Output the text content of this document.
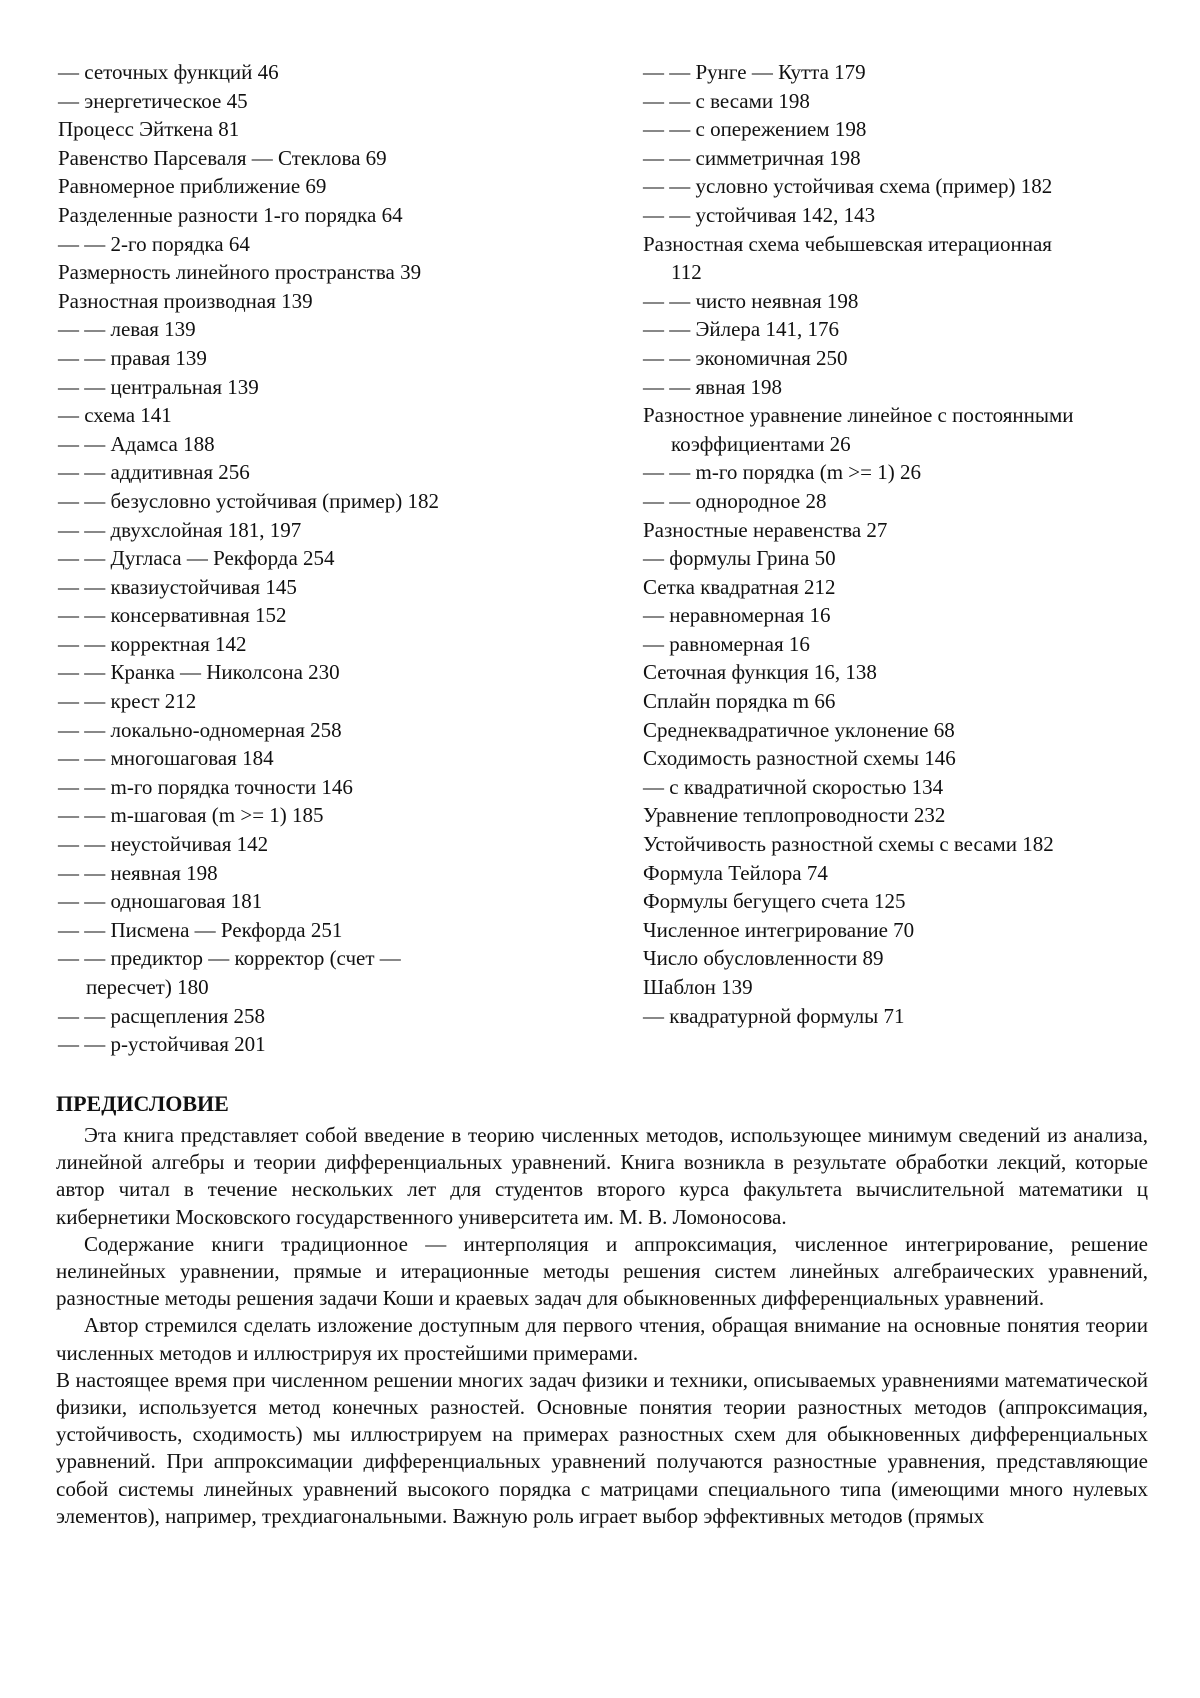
— сеточных функций 46
— энергетическое 45
Процесс Эйткена 81
Равенство Парсеваля — Стеклова 69
Равномерное приближение 69
Разделенные разности 1-го порядка 64
— — 2-го порядка 64
Размерность линейного пространства 39
Разностная производная 139
— — левая 139
— — правая 139
— — центральная 139
— схема 141
— — Адамса 188
— — аддитивная 256
— — безусловно устойчивая (пример) 182
— — двухслойная 181, 197
— — Дугласа — Рекфорда 254
— — квазиустойчивая 145
— — консервативная 152
— — корректная 142
— — Кранка — Николсона 230
— — крест 212
— — локально-одномерная 258
— — многошаговая 184
— — m-го порядка точности 146
— — m-шаговая (m >= 1) 185
— — неустойчивая 142
— — неявная 198
— — одношаговая 181
— — Писмена — Рекфорда 251
— — предиктор — корректор (счет —
пересчет) 180
— — расщепления 258
— — р-устойчивая 201
— — Рунге — Кутта 179
— — с весами 198
— — с опережением 198
— — симметричная 198
— — условно устойчивая схема (пример) 182
— — устойчивая 142, 143
Разностная схема чебышевская итерационная
112
— — чисто неявная 198
— — Эйлера 141, 176
— — экономичная 250
— — явная 198
Разностное уравнение линейное с постоянными
коэффициентами 26
— — m-го порядка (m >= 1) 26
— — однородное 28
Разностные неравенства 27
— формулы Грина 50
Сетка квадратная 212
— неравномерная 16
— равномерная 16
Сеточная функция 16, 138
Сплайн порядка m 66
Среднеквадратичное уклонение 68
Сходимость разностной схемы 146
— с квадратичной скоростью 134
Уравнение теплопроводности 232
Устойчивость разностной схемы с весами 182
Формула Тейлора 74
Формулы бегущего счета 125
Численное интегрирование 70
Число обусловленности 89
Шаблон 139
— квадратурной формулы 71
ПРЕДИСЛОВИЕ

Эта книга представляет собой введение в теорию численных методов, использующее минимум сведений из анализа, линейной алгебры и теории дифференциальных уравнений. Книга возникла в результате обработки лекций, которые автор читал в течение нескольких лет для студентов второго курса факультета вычислительной математики ц кибернетики Московского государственного университета им. М. В. Ломоносова.

Содержание книги традиционное — интерполяция и аппроксимация, численное интегрирование, решение нелинейных уравнении, прямые и итерационные методы решения систем линейных алгебраических уравнений, разностные методы решения задачи Коши и краевых задач для обыкновенных дифференциальных уравнений.

Автор стремился сделать изложение доступным для первого чтения, обращая внимание на основные понятия теории численных методов и иллюстрируя их простейшими примерами.

В настоящее время при численном решении многих задач физики и техники, описываемых уравнениями математической физики, используется метод конечных разностей. Основные понятия теории разностных методов (аппроксимация, устойчивость, сходимость) мы иллюстрируем на примерах разностных схем для обыкновенных дифференциальных уравнений. При аппроксимации дифференциальных уравнений получаются разностные уравнения, представляющие собой системы линейных уравнений высокого порядка с матрицами специального типа (имеющими много нулевых элементов), например, трехдиагональными. Важную роль играет выбор эффективных методов (прямых
